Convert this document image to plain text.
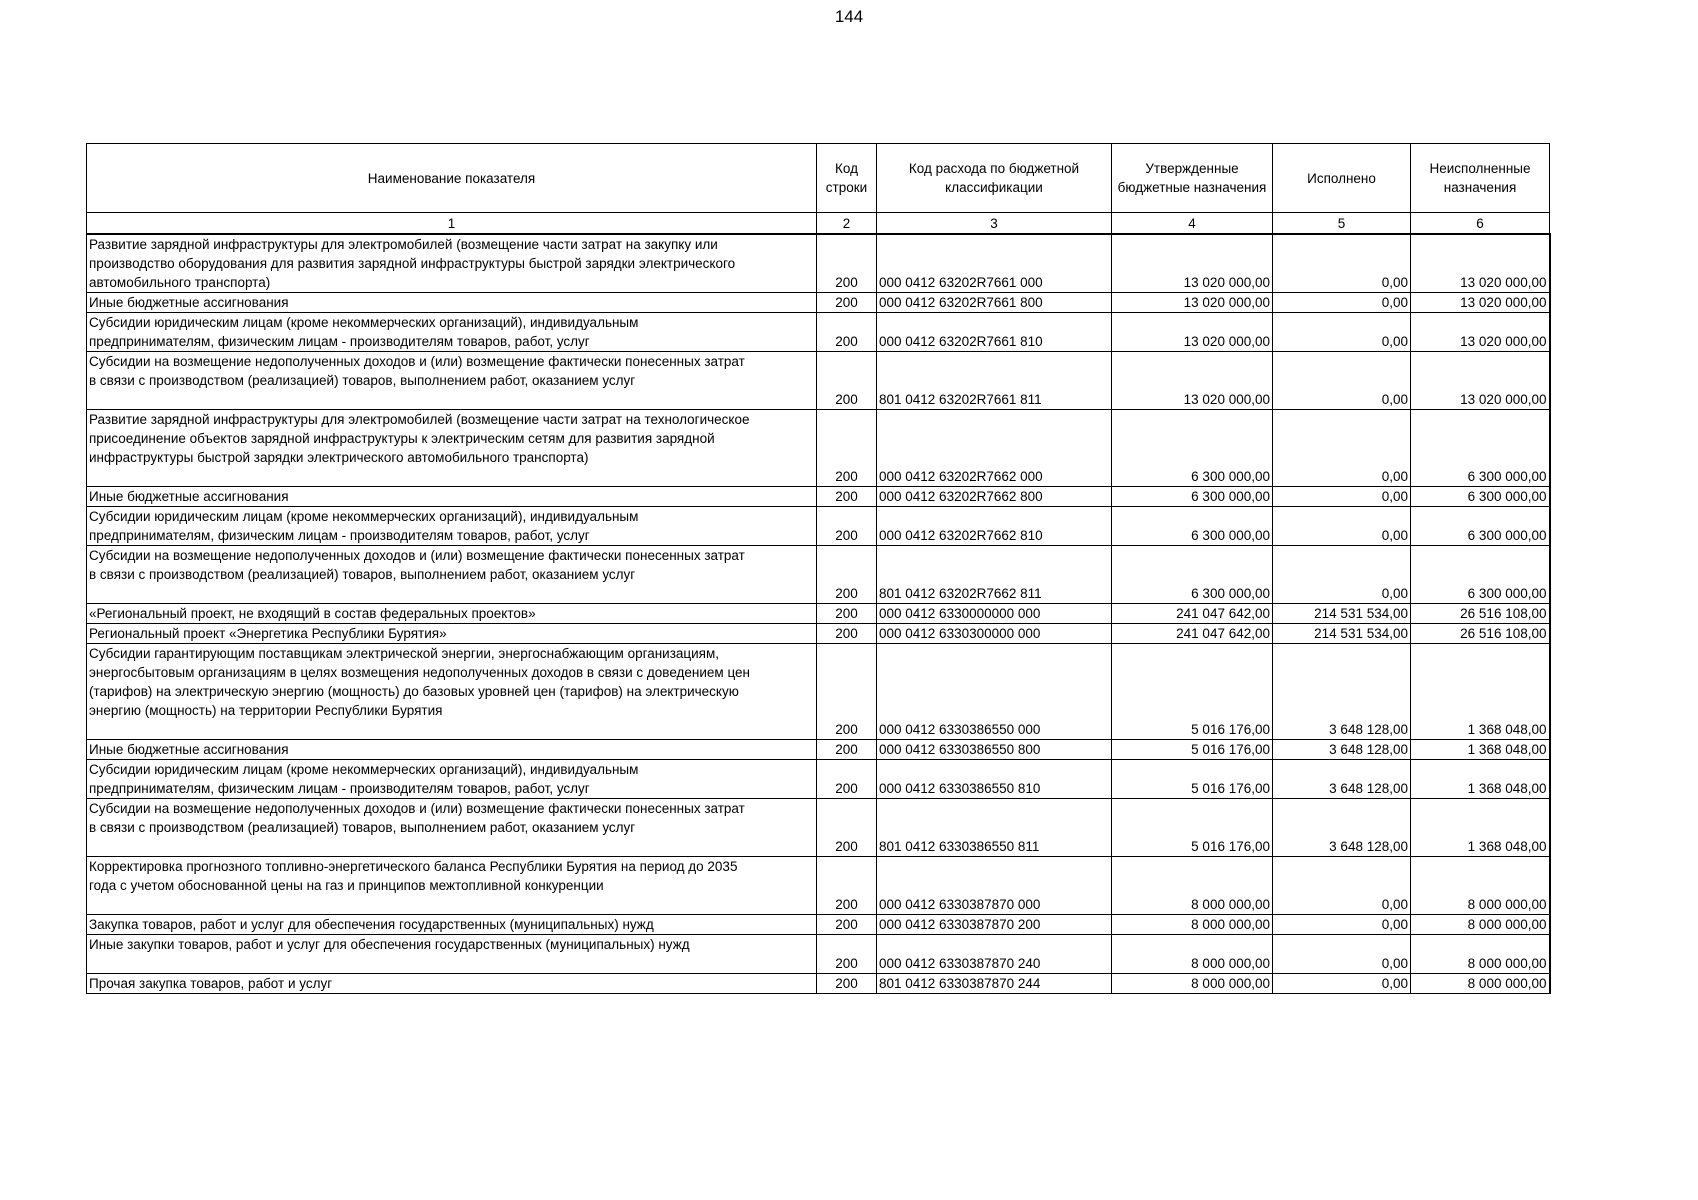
144
Наименование показателя	Код строки	Код расхода по бюджетной классификации	Утвержденные бюджетные назначения	Исполнено	Неисполненные назначения
1	2	3	4	5	6
Развитие зарядной инфраструктуры для электромобилей (возмещение части затрат на закупку или
производство оборудования для развития зарядной инфраструктуры быстрой зарядки электрического
автомобильного транспорта)	200	000 0412 63202R7661 000	13 020 000,00	0,00	13 020 000,00
Иные бюджетные ассигнования	200	000 0412 63202R7661 800	13 020 000,00	0,00	13 020 000,00
Субсидии юридическим лицам (кроме некоммерческих организаций), индивидуальным
предпринимателям, физическим лицам - производителям товаров, работ, услуг	200	000 0412 63202R7661 810	13 020 000,00	0,00	13 020 000,00
Субсидии на возмещение недополученных доходов и (или) возмещение фактически понесенных затрат
в связи с производством (реализацией) товаров, выполнением работ, оказанием услуг	200	801 0412 63202R7661 811	13 020 000,00	0,00	13 020 000,00
Развитие зарядной инфраструктуры для электромобилей (возмещение части затрат на технологическое
присоединение объектов зарядной инфраструктуры к электрическим сетям для развития зарядной
инфраструктуры быстрой зарядки электрического автомобильного транспорта)	200	000 0412 63202R7662 000	6 300 000,00	0,00	6 300 000,00
Иные бюджетные ассигнования	200	000 0412 63202R7662 800	6 300 000,00	0,00	6 300 000,00
Субсидии юридическим лицам (кроме некоммерческих организаций), индивидуальным
предпринимателям, физическим лицам - производителям товаров, работ, услуг	200	000 0412 63202R7662 810	6 300 000,00	0,00	6 300 000,00
Субсидии на возмещение недополученных доходов и (или) возмещение фактически понесенных затрат
в связи с производством (реализацией) товаров, выполнением работ, оказанием услуг	200	801 0412 63202R7662 811	6 300 000,00	0,00	6 300 000,00
«Региональный проект, не входящий в состав федеральных проектов»	200	000 0412 6330000000 000	241 047 642,00	214 531 534,00	26 516 108,00
Региональный проект «Энергетика Республики Бурятия»	200	000 0412 6330300000 000	241 047 642,00	214 531 534,00	26 516 108,00
Субсидии гарантирующим поставщикам электрической энергии, энергоснабжающим организациям,
энергосбытовым организациям в целях возмещения недополученных доходов в связи с доведением цен
(тарифов) на электрическую энергию (мощность) до базовых уровней цен (тарифов) на электрическую
энергию (мощность) на территории Республики Бурятия	200	000 0412 6330386550 000	5 016 176,00	3 648 128,00	1 368 048,00
Иные бюджетные ассигнования	200	000 0412 6330386550 800	5 016 176,00	3 648 128,00	1 368 048,00
Субсидии юридическим лицам (кроме некоммерческих организаций), индивидуальным
предпринимателям, физическим лицам - производителям товаров, работ, услуг	200	000 0412 6330386550 810	5 016 176,00	3 648 128,00	1 368 048,00
Субсидии на возмещение недополученных доходов и (или) возмещение фактически понесенных затрат
в связи с производством (реализацией) товаров, выполнением работ, оказанием услуг	200	801 0412 6330386550 811	5 016 176,00	3 648 128,00	1 368 048,00
Корректировка прогнозного топливно-энергетического баланса Республики Бурятия на период до 2035
года с учетом обоснованной цены на газ и принципов межтопливной конкуренции	200	000 0412 6330387870 000	8 000 000,00	0,00	8 000 000,00
Закупка товаров, работ и услуг для обеспечения государственных (муниципальных) нужд	200	000 0412 6330387870 200	8 000 000,00	0,00	8 000 000,00
Иные закупки товаров, работ и услуг для обеспечения государственных (муниципальных) нужд	200	000 0412 6330387870 240	8 000 000,00	0,00	8 000 000,00
Прочая закупка товаров, работ и услуг	200	801 0412 6330387870 244	8 000 000,00	0,00	8 000 000,00
